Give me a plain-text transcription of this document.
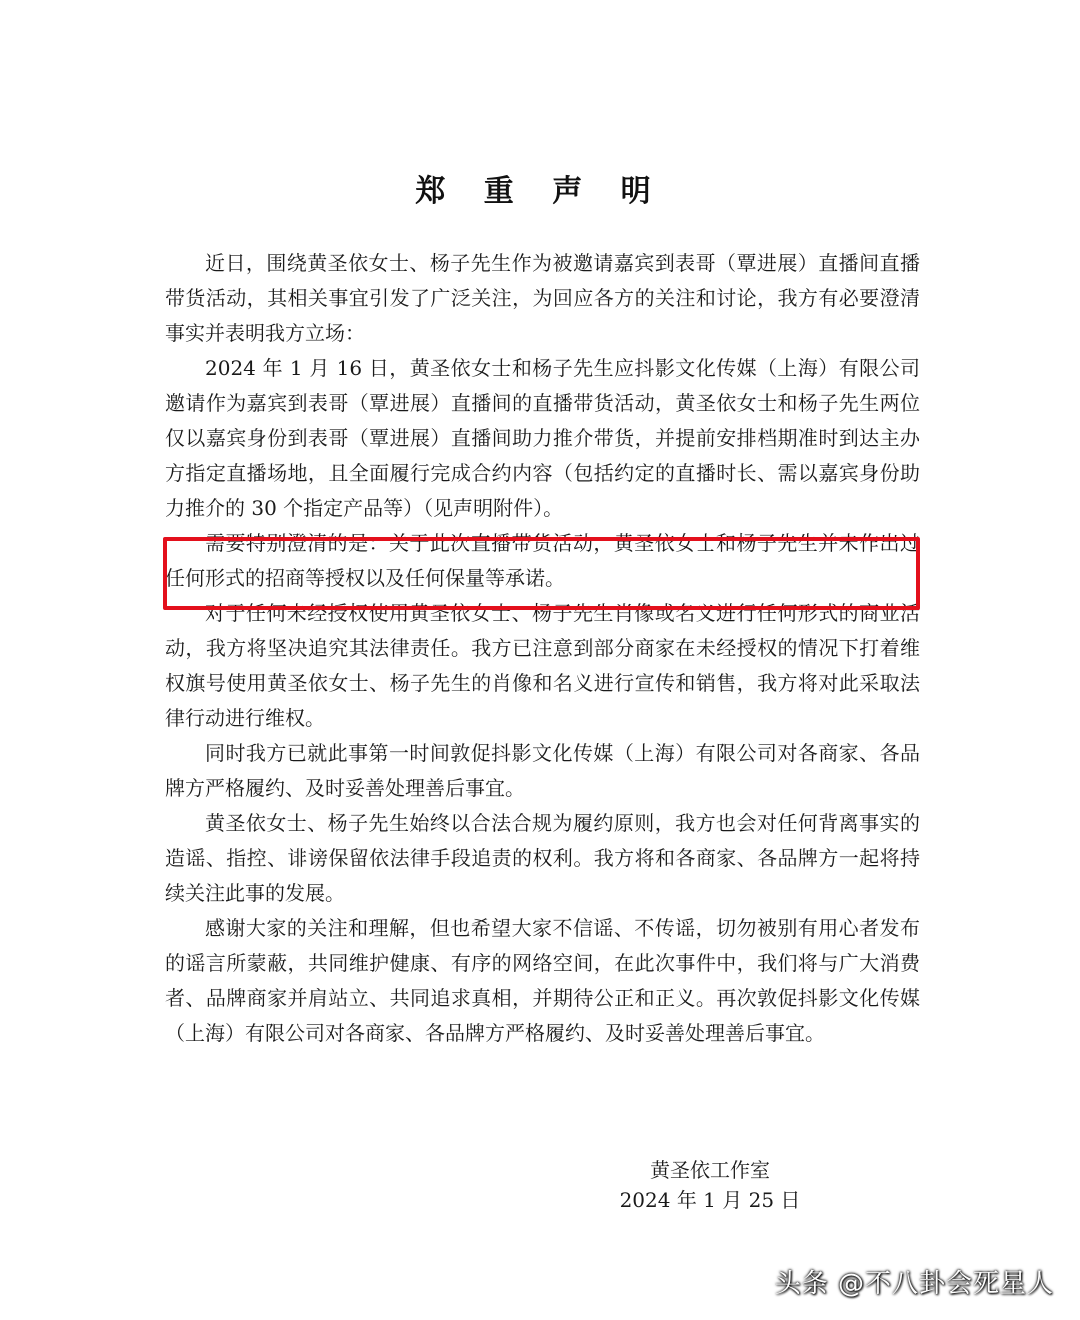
郑 重 声 明

近日，围绕黄圣依女士、杨子先生作为被邀请嘉宾到表哥（覃进展）直播间直播带货活动，其相关事宜引发了广泛关注，为回应各方的关注和讨论，我方有必要澄清事实并表明我方立场：

2024 年 1 月 16 日，黄圣依女士和杨子先生应抖影文化传媒（上海）有限公司邀请作为嘉宾到表哥（覃进展）直播间的直播带货活动，黄圣依女士和杨子先生两位仅以嘉宾身份到表哥（覃进展）直播间助力推介带货，并提前安排档期准时到达主办方指定直播场地，且全面履行完成合约内容（包括约定的直播时长、需以嘉宾身份助力推介的 30 个指定产品等）（见声明附件）。

需要特别澄清的是：关于此次直播带货活动，黄圣依女士和杨子先生并未作出过任何形式的招商等授权以及任何保量等承诺。

对于任何未经授权使用黄圣依女士、杨子先生肖像或名义进行任何形式的商业活动，我方将坚决追究其法律责任。我方已注意到部分商家在未经授权的情况下打着维权旗号使用黄圣依女士、杨子先生的肖像和名义进行宣传和销售，我方将对此采取法律行动进行维权。

同时我方已就此事第一时间敦促抖影文化传媒（上海）有限公司对各商家、各品牌方严格履约、及时妥善处理善后事宜。

黄圣依女士、杨子先生始终以合法合规为履约原则，我方也会对任何背离事实的造谣、指控、诽谤保留依法律手段追责的权利。我方将和各商家、各品牌方一起将持续关注此事的发展。

感谢大家的关注和理解，但也希望大家不信谣、不传谣，切勿被别有用心者发布的谣言所蒙蔽，共同维护健康、有序的网络空间，在此次事件中，我们将与广大消费者、品牌商家并肩站立、共同追求真相，并期待公正和正义。再次敦促抖影文化传媒（上海）有限公司对各商家、各品牌方严格履约、及时妥善处理善后事宜。

黄圣依工作室
2024 年 1 月 25 日
头条 @不八卦会死星人
